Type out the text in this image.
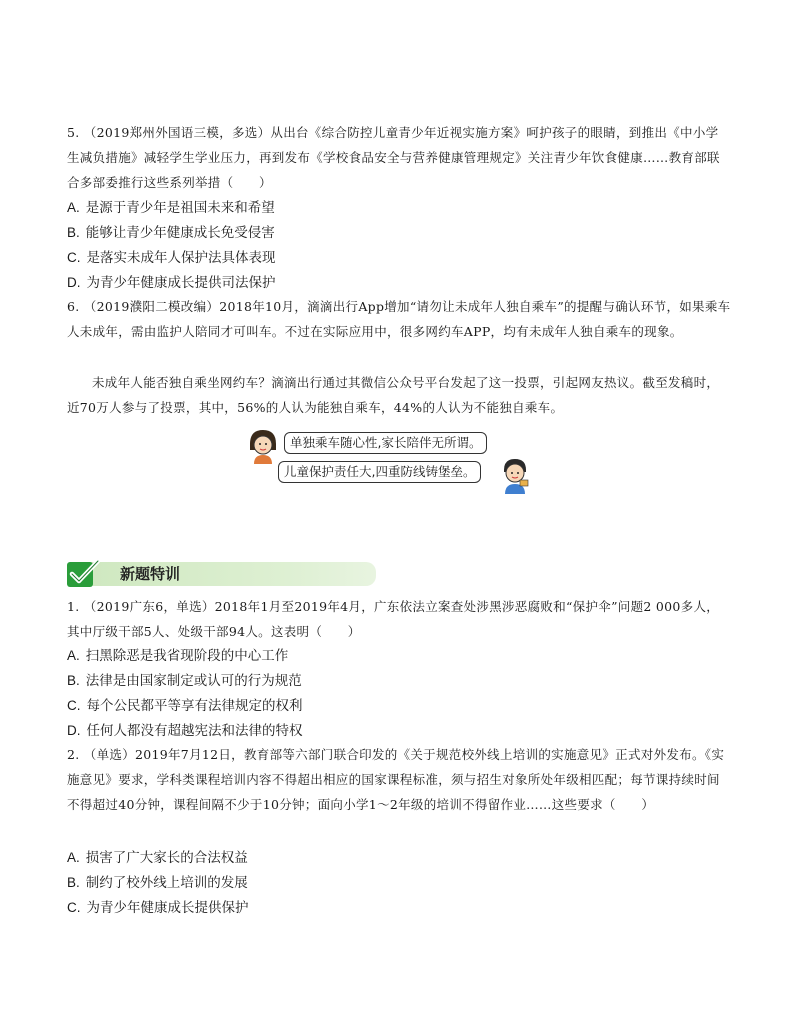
5. （2019郑州外国语三模，多选）从出台《综合防控儿童青少年近视实施方案》呵护孩子的眼睛，到推出《中小学生减负措施》减轻学生学业压力，再到发布《学校食品安全与营养健康管理规定》关注青少年饮食健康……教育部联合多部委推行这些系列举措（　　）
A. 是源于青少年是祖国未来和希望
B. 能够让青少年健康成长免受侵害
C. 是落实未成年人保护法具体表现
D. 为青少年健康成长提供司法保护
6. （2019濮阳二模改编）2018年10月，滴滴出行App增加“请勿让未成年人独自乘车”的提醒与确认环节，如果乘车人未成年，需由监护人陪同才可叫车。不过在实际应用中，很多网约车APP，均有未成年人独自乘车的现象。
未成年人能否独自乘坐网约车？滴滴出行通过其微信公众号平台发起了这一投票，引起网友热议。截至发稿时，近70万人参与了投票，其中，56%的人认为能独自乘车，44%的人认为不能独自乘车。
单独乘车随心性,家长陪伴无所谓。
儿童保护责任大,四重防线铸堡垒。
新题特训
1. （2019广东6，单选）2018年1月至2019年4月，广东依法立案查处涉黑涉恶腐败和“保护伞”问题2 000多人，其中厅级干部5人、处级干部94人。这表明（　　）
A. 扫黑除恶是我省现阶段的中心工作
B. 法律是由国家制定或认可的行为规范
C. 每个公民都平等享有法律规定的权利
D. 任何人都没有超越宪法和法律的特权
2. （单选）2019年7月12日，教育部等六部门联合印发的《关于规范校外线上培训的实施意见》正式对外发布。《实施意见》要求，学科类课程培训内容不得超出相应的国家课程标准，须与招生对象所处年级相匹配；每节课持续时间不得超过40分钟，课程间隔不少于10分钟；面向小学1～2年级的培训不得留作业……这些要求（　　）
A. 损害了广大家长的合法权益
B. 制约了校外线上培训的发展
C. 为青少年健康成长提供保护
